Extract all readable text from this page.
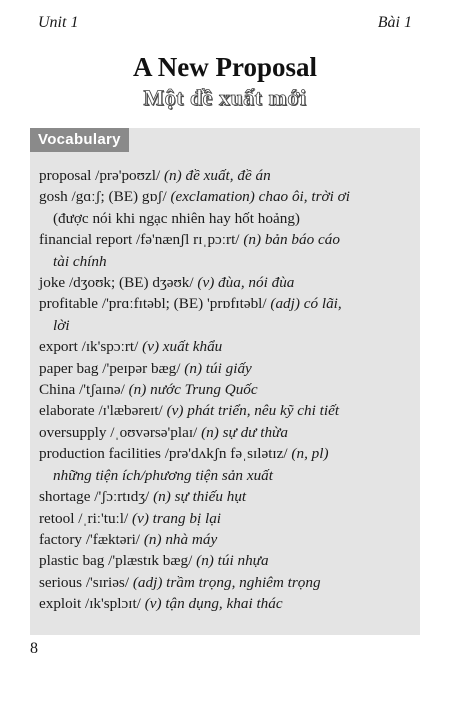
Unit 1	Bài 1
A New Proposal
Một đề xuất mới
Vocabulary
proposal /prə'poʊzl/ (n) đề xuất, đề án
gosh /gɑːʃ; (BE) gɒʃ/ (exclamation) chao ôi, trời ơi
(được nói khi ngạc nhiên hay hốt hoảng)
financial report /fə'nænʃl rɪˌpɔːrt/ (n) bản báo cáo
tài chính
joke /dʒoʊk; (BE) dʒəʊk/ (v) đùa, nói đùa
profitable /'prɑːfɪtəbl; (BE) 'prɒfɪtəbl/ (adj) có lãi,
lời
export /ɪk'spɔːrt/ (v) xuất khẩu
paper bag /'peɪpər bæg/ (n) túi giấy
China /'tʃaɪnə/ (n) nước Trung Quốc
elaborate /ɪ'læbəreɪt/ (v) phát triển, nêu kỹ chi tiết
oversupply /ˌoʊvərsə'plaɪ/ (n) sự dư thừa
production facilities /prə'dʌkʃn fəˌsɪlətɪz/ (n, pl)
những tiện ích/phương tiện sản xuất
shortage /'ʃɔːrtɪdʒ/ (n) sự thiếu hụt
retool /ˌriː'tuːl/ (v) trang bị lại
factory /'fæktəri/ (n) nhà máy
plastic bag /'plæstɪk bæg/ (n) túi nhựa
serious /'sɪriəs/ (adj) trầm trọng, nghiêm trọng
exploit /ɪk'splɔɪt/ (v) tận dụng, khai thác
8
